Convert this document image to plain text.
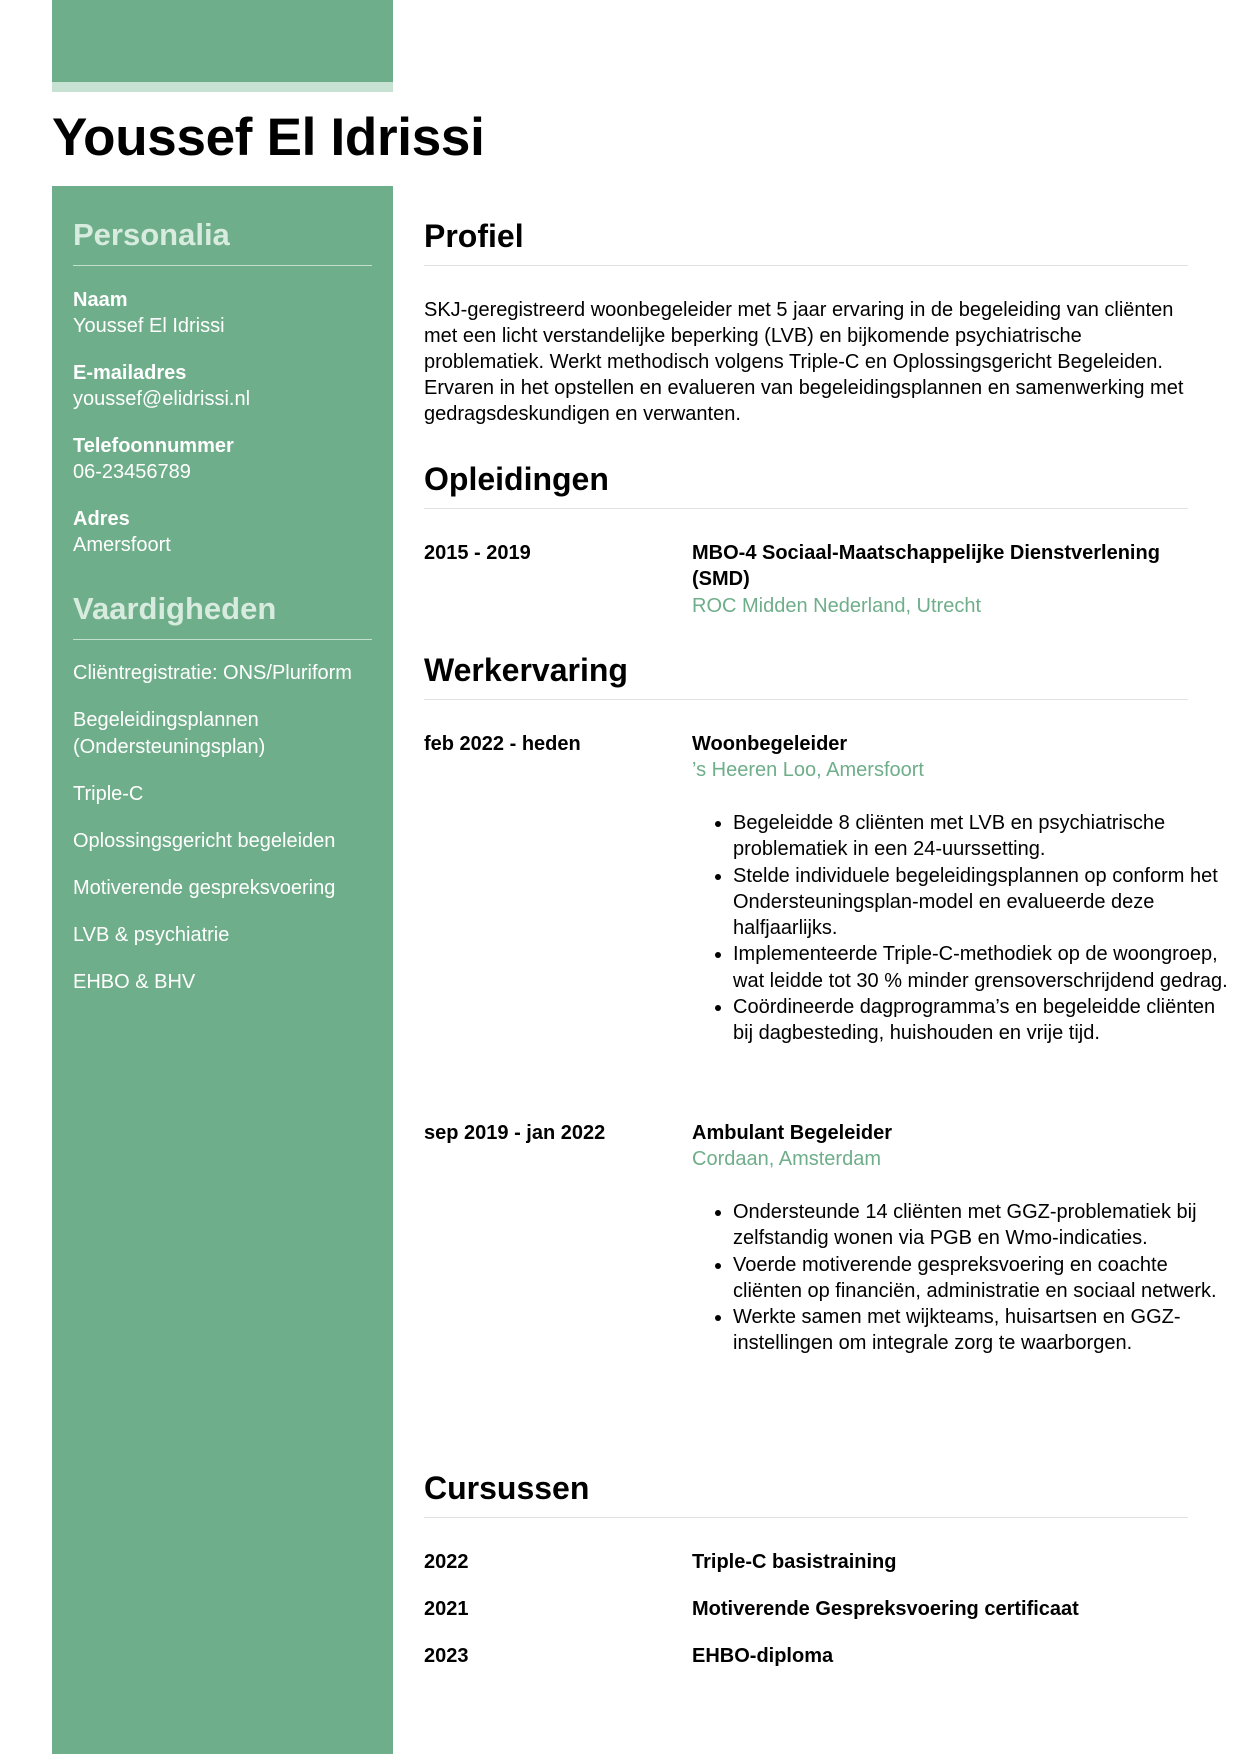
Youssef El Idrissi
Personalia
Naam
Youssef El Idrissi
E-mailadres
youssef@elidrissi.nl
Telefoonnummer
06-23456789
Adres
Amersfoort
Vaardigheden
Cliëntregistratie: ONS/Pluriform
Begeleidingsplannen (Ondersteuningsplan)
Triple-C
Oplossingsgericht begeleiden
Motiverende gespreksvoering
LVB & psychiatrie
EHBO & BHV
Profiel

SKJ-geregistreerd woonbegeleider met 5 jaar ervaring in de begeleiding van cliënten met een licht verstandelijke beperking (LVB) en bijkomende psychiatrische problematiek. Werkt methodisch volgens Triple-C en Oplossingsgericht Begeleiden. Ervaren in het opstellen en evalueren van begeleidingsplannen en samenwerking met gedragsdeskundigen en verwanten.

Opleidingen
2015 - 2019	MBO-4 Sociaal-Maatschappelijke Dienstverlening (SMD)
ROC Midden Nederland, Utrecht
Werkervaring
feb 2022 - heden	Woonbegeleider
’s Heeren Loo, Amersfoort
• Begeleidde 8 cliënten met LVB en psychiatrische problematiek in een 24-uurssetting.
• Stelde individuele begeleidingsplannen op conform het Ondersteuningsplan-model en evalueerde deze halfjaarlijks.
• Implementeerde Triple-C-methodiek op de woongroep, wat leidde tot 30 % minder grensoverschrijdend gedrag.
• Coördineerde dagprogramma’s en begeleidde cliënten bij dagbesteding, huishouden en vrije tijd.
sep 2019 - jan 2022	Ambulant Begeleider
Cordaan, Amsterdam
• Ondersteunde 14 cliënten met GGZ-problematiek bij zelfstandig wonen via PGB en Wmo-indicaties.
• Voerde motiverende gespreksvoering en coachte cliënten op financiën, administratie en sociaal netwerk.
• Werkte samen met wijkteams, huisartsen en GGZ-instellingen om integrale zorg te waarborgen.
Cursussen
2022	Triple-C basistraining
2021	Motiverende Gespreksvoering certificaat
2023	EHBO-diploma
